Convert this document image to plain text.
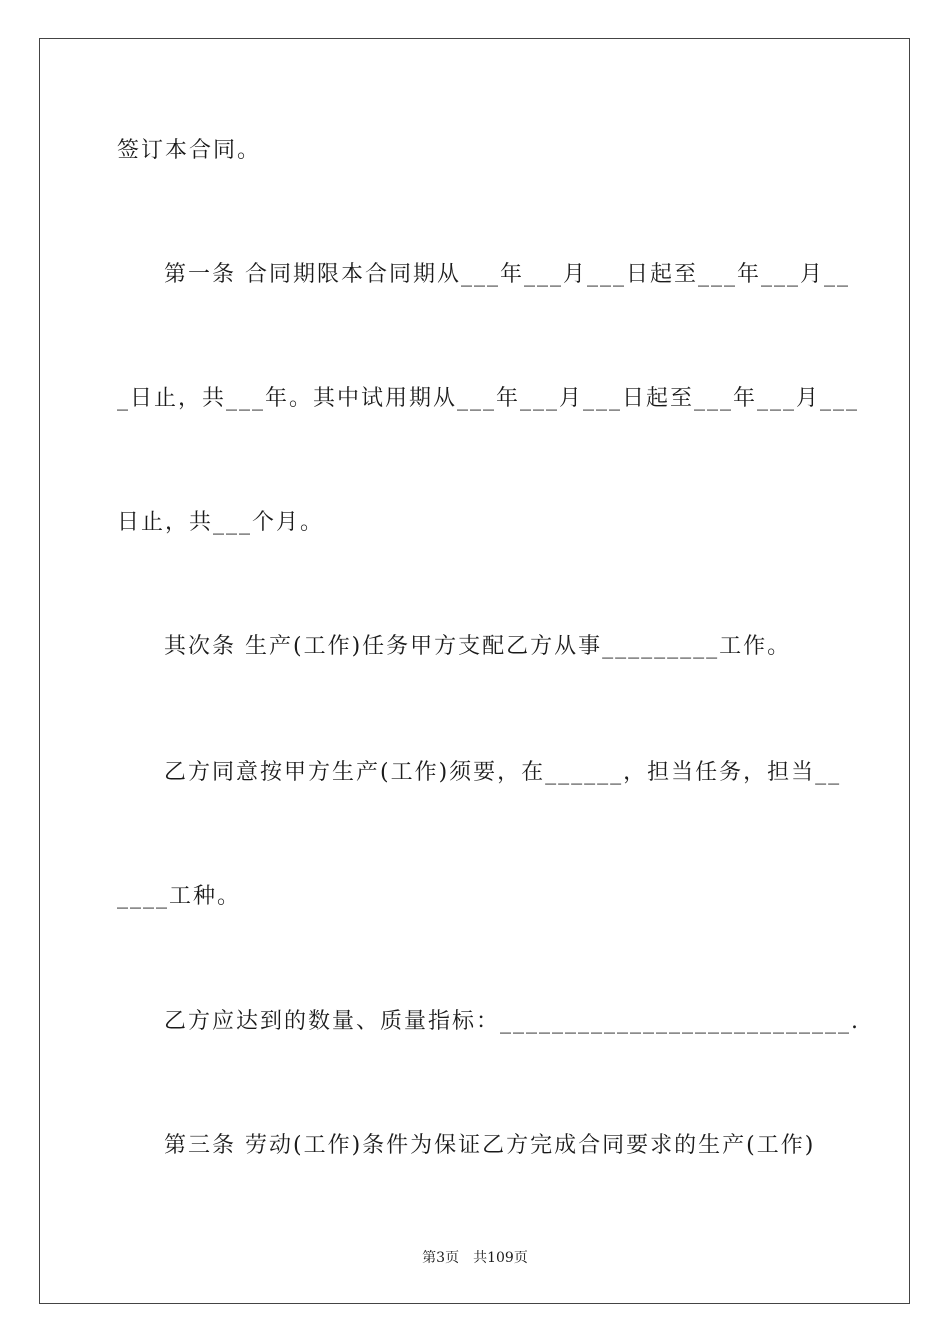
签订本合同。
第一条 合同期限本合同期从___年___月___日起至___年___月__
_日止，共___年。其中试用期从___年___月___日起至___年___月___
日止，共___个月。
其次条 生产(工作)任务甲方支配乙方从事_________工作。
乙方同意按甲方生产(工作)须要，在______，担当任务，担当__
____工种。
乙方应达到的数量、质量指标：___________________________.
第三条 劳动(工作)条件为保证乙方完成合同要求的生产(工作)
第3页 共109页
